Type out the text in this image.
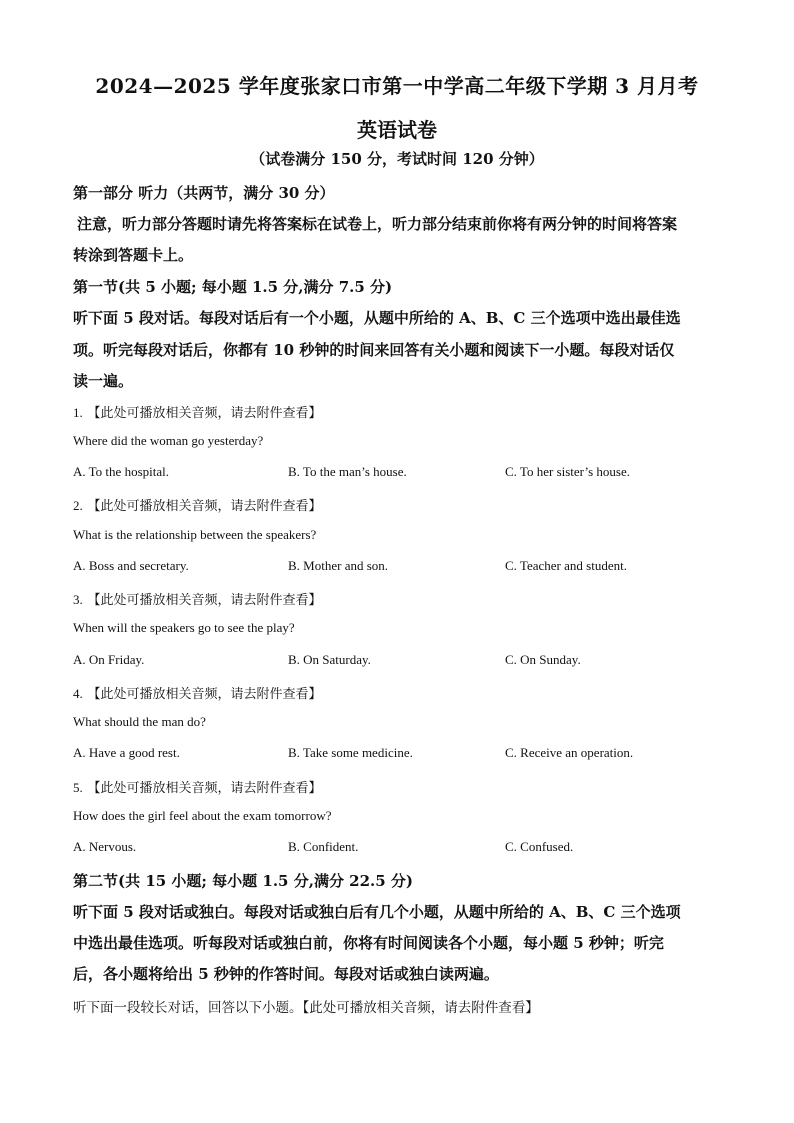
2024—2025 学年度张家口市第一中学高二年级下学期 3 月月考
英语试卷
（试卷满分 150 分，考试时间 120 分钟）
第一部分 听力（共两节，满分 30 分）
注意，听力部分答题时请先将答案标在试卷上，听力部分结束前你将有两分钟的时间将答案
转涂到答题卡上。
第一节(共 5 小题; 每小题 1.5 分,满分 7.5 分)
听下面 5 段对话。每段对话后有一个小题，从题中所给的 A、B、C 三个选项中选出最佳选
项。听完每段对话后，你都有 10 秒钟的时间来回答有关小题和阅读下一小题。每段对话仅
读一遍。
1. 【此处可播放相关音频，请去附件查看】
Where did the woman go yesterday?
A. To the hospital.	B. To the man’s house.	C. To her sister’s house.
2. 【此处可播放相关音频，请去附件查看】
What is the relationship between the speakers?
A. Boss and secretary.	B. Mother and son.	C. Teacher and student.
3. 【此处可播放相关音频，请去附件查看】
When will the speakers go to see the play?
A. On Friday.	B. On Saturday.	C. On Sunday.
4. 【此处可播放相关音频，请去附件查看】
What should the man do?
A. Have a good rest.	B. Take some medicine.	C. Receive an operation.
5. 【此处可播放相关音频，请去附件查看】
How does the girl feel about the exam tomorrow?
A. Nervous.	B. Confident.	C. Confused.
第二节(共 15 小题; 每小题 1.5 分,满分 22.5 分)
听下面 5 段对话或独白。每段对话或独白后有几个小题，从题中所给的 A、B、C 三个选项
中选出最佳选项。听每段对话或独白前，你将有时间阅读各个小题，每小题 5 秒钟；听完
后，各小题将给出 5 秒钟的作答时间。每段对话或独白读两遍。
听下面一段较长对话，回答以下小题。【此处可播放相关音频，请去附件查看】
